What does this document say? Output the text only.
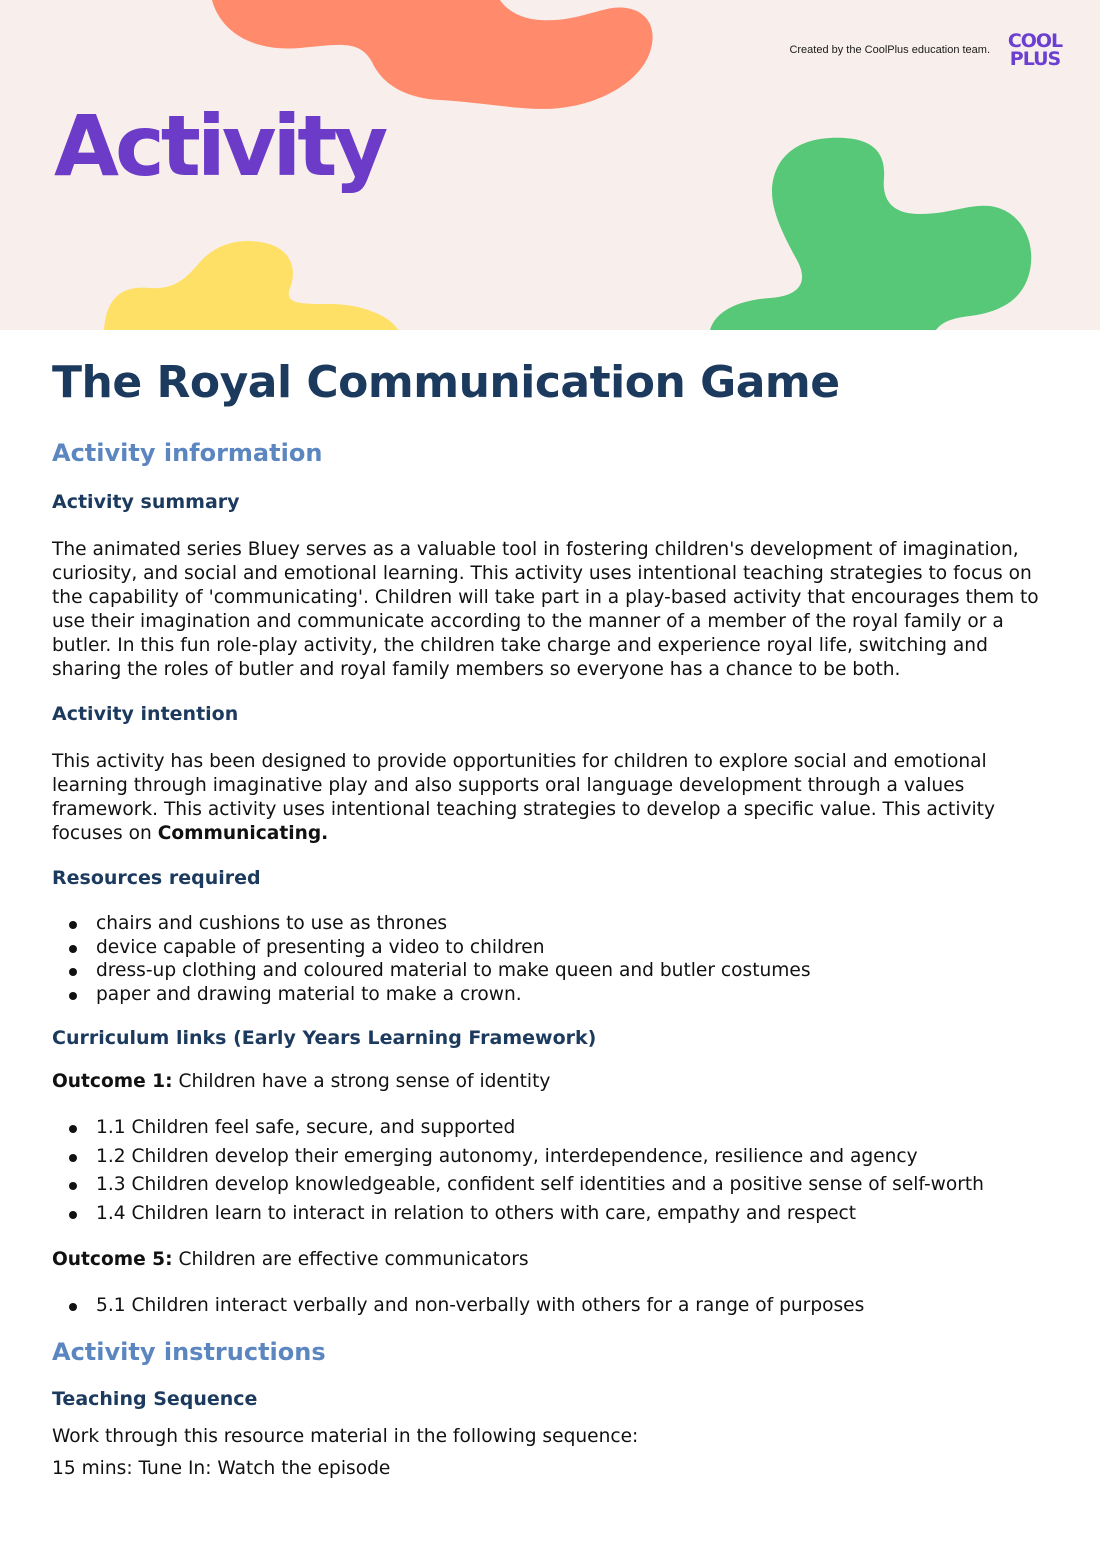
Created by the CoolPlus education team. COOL
PLUS
Activity
The Royal Communication Game
Activity information
Activity summary

The animated series Bluey serves as a valuable tool in fostering children's development of imagination, curiosity, and social and emotional learning. This activity uses intentional teaching strategies to focus on the capability of 'communicating'. Children will take part in a play-based activity that encourages them to use their imagination and communicate according to the manner of a member of the royal family or a butler. In this fun role-play activity, the children take charge and experience royal life, switching and sharing the roles of butler and royal family members so everyone has a chance to be both.

Activity intention

This activity has been designed to provide opportunities for children to explore social and emotional learning through imaginative play and also supports oral language development through a values framework. This activity uses intentional teaching strategies to develop a specific value. This activity focuses on Communicating.

Resources required
chairs and cushions to use as thrones
device capable of presenting a video to children
dress-up clothing and coloured material to make queen and butler costumes
paper and drawing material to make a crown.
Curriculum links (Early Years Learning Framework)

Outcome 1: Children have a strong sense of identity

1.1 Children feel safe, secure, and supported
1.2 Children develop their emerging autonomy, interdependence, resilience and agency
1.3 Children develop knowledgeable, confident self identities and a positive sense of self-worth
1.4 Children learn to interact in relation to others with care, empathy and respect

Outcome 5: Children are effective communicators

5.1 Children interact verbally and non-verbally with others for a range of purposes
Activity instructions
Teaching Sequence

Work through this resource material in the following sequence:

15 mins: Tune In: Watch the episode
